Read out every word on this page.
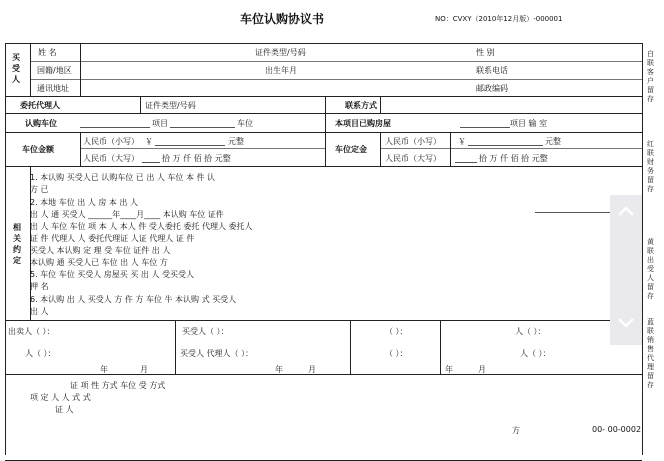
车位认购协议书	NO：CVXY（2010年12月版）-000001
买受人
姓 名	证件类型/号码	性 别
国籍/地区	出生年月	联系电话
通讯地址	邮政编码
委托代理人	证件类型/号码	联系方式
认购车位	项目	车位	本项目已购房屋	项目 输 室
车位金额
人民币（小写） ￥	元整
人民币（大写）	拾 万 仟 佰 拾 元整
车位定金
人民币（小写） ￥	元整
人民币（大写）	拾 万 仟 佰 拾 元整
相关约定
1. 本认购 买受人已 认购车位 已 出 人 车位 本 件 认
方 已
2. 本地 车位 出 人 房 本 出 人
出 人 通 买受人 ______年____月____ 本认购 车位 证件
出 人 车位 车位 项 本 人 本人 件 受人委托 委托 代理人 委托人
证 件 代理人 人 委托代理证 人证 代理人 证 件
买受人 本认购 定 理 受 车位 证件 出 人
本认购 通 买受人已 车位 出 人 车位 方
5. 车位 车位 买受人 房屋买 买 出 人 受买受人
押 名
6. 本认购 出 人 买受人 方 仵 方 车位 牛 本认购 式 买受人
出 人
出卖人（ ）：	买受人（ ）：	（ ）：	人（ ）：
人（ ）：	买受人 代理人（ ）：	（ ）：	人（ ）：
年	月	年	月	年	月
证 项 性 方式 车位 受 方式
项 定 人 人 式 式
证 人
方	00- 00-0002
白联客户留存
红联财务留存
黄联出受人留存
蓝联销售代理留存
